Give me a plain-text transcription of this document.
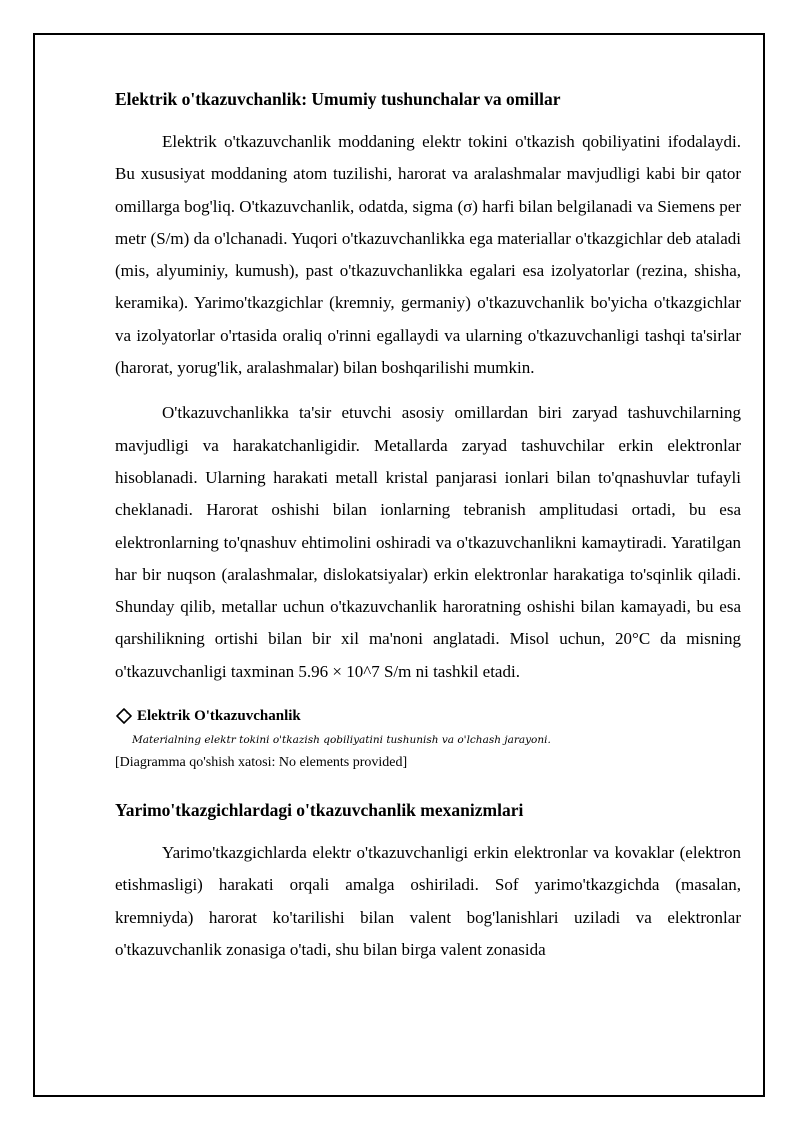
Elektrik o'tkazuvchanlik: Umumiy tushunchalar va omillar

Elektrik o'tkazuvchanlik moddaning elektr tokini o'tkazish qobiliyatini ifodalaydi. Bu xususiyat moddaning atom tuzilishi, harorat va aralashmalar mavjudligi kabi bir qator omillarga bog'liq. O'tkazuvchanlik, odatda, sigma (σ) harfi bilan belgilanadi va Siemens per metr (S/m) da o'lchanadi. Yuqori o'tkazuvchanlikka ega materiallar o'tkazgichlar deb ataladi (mis, alyuminiy, kumush), past o'tkazuvchanlikka egalari esa izolyatorlar (rezina, shisha, keramika). Yarimo'tkazgichlar (kremniy, germaniy) o'tkazuvchanlik bo'yicha o'tkazgichlar va izolyatorlar o'rtasida oraliq o'rinni egallaydi va ularning o'tkazuvchanligi tashqi ta'sirlar (harorat, yorug'lik, aralashmalar) bilan boshqarilishi mumkin.

O'tkazuvchanlikka ta'sir etuvchi asosiy omillardan biri zaryad tashuvchilarning mavjudligi va harakatchanligidir. Metallarda zaryad tashuvchilar erkin elektronlar hisoblanadi. Ularning harakati metall kristal panjarasi ionlari bilan to'qnashuvlar tufayli cheklanadi. Harorat oshishi bilan ionlarning tebranish amplitudasi ortadi, bu esa elektronlarning to'qnashuv ehtimolini oshiradi va o'tkazuvchanlikni kamaytiradi. Yaratilgan har bir nuqson (aralashmalar, dislokatsiyalar) erkin elektronlar harakatiga to'sqinlik qiladi. Shunday qilib, metallar uchun o'tkazuvchanlik haroratning oshishi bilan kamayadi, bu esa qarshilikning ortishi bilan bir xil ma'noni anglatadi. Misol uchun, 20°C da misning o'tkazuvchanligi taxminan 5.96 × 10^7 S/m ni tashkil etadi.

Elektrik O'tkazuvchanlik
Materialning elektr tokini o'tkazish qobiliyatini tushunish va o'lchash jarayoni.
[Diagramma qo'shish xatosi: No elements provided]
Yarimo'tkazgichlardagi o'tkazuvchanlik mexanizmlari

Yarimo'tkazgichlarda elektr o'tkazuvchanligi erkin elektronlar va kovaklar (elektron etishmasligi) harakati orqali amalga oshiriladi. Sof yarimo'tkazgichda (masalan, kremniyda) harorat ko'tarilishi bilan valent bog'lanishlari uziladi va elektronlar o'tkazuvchanlik zonasiga o'tadi, shu bilan birga valent zonasida
